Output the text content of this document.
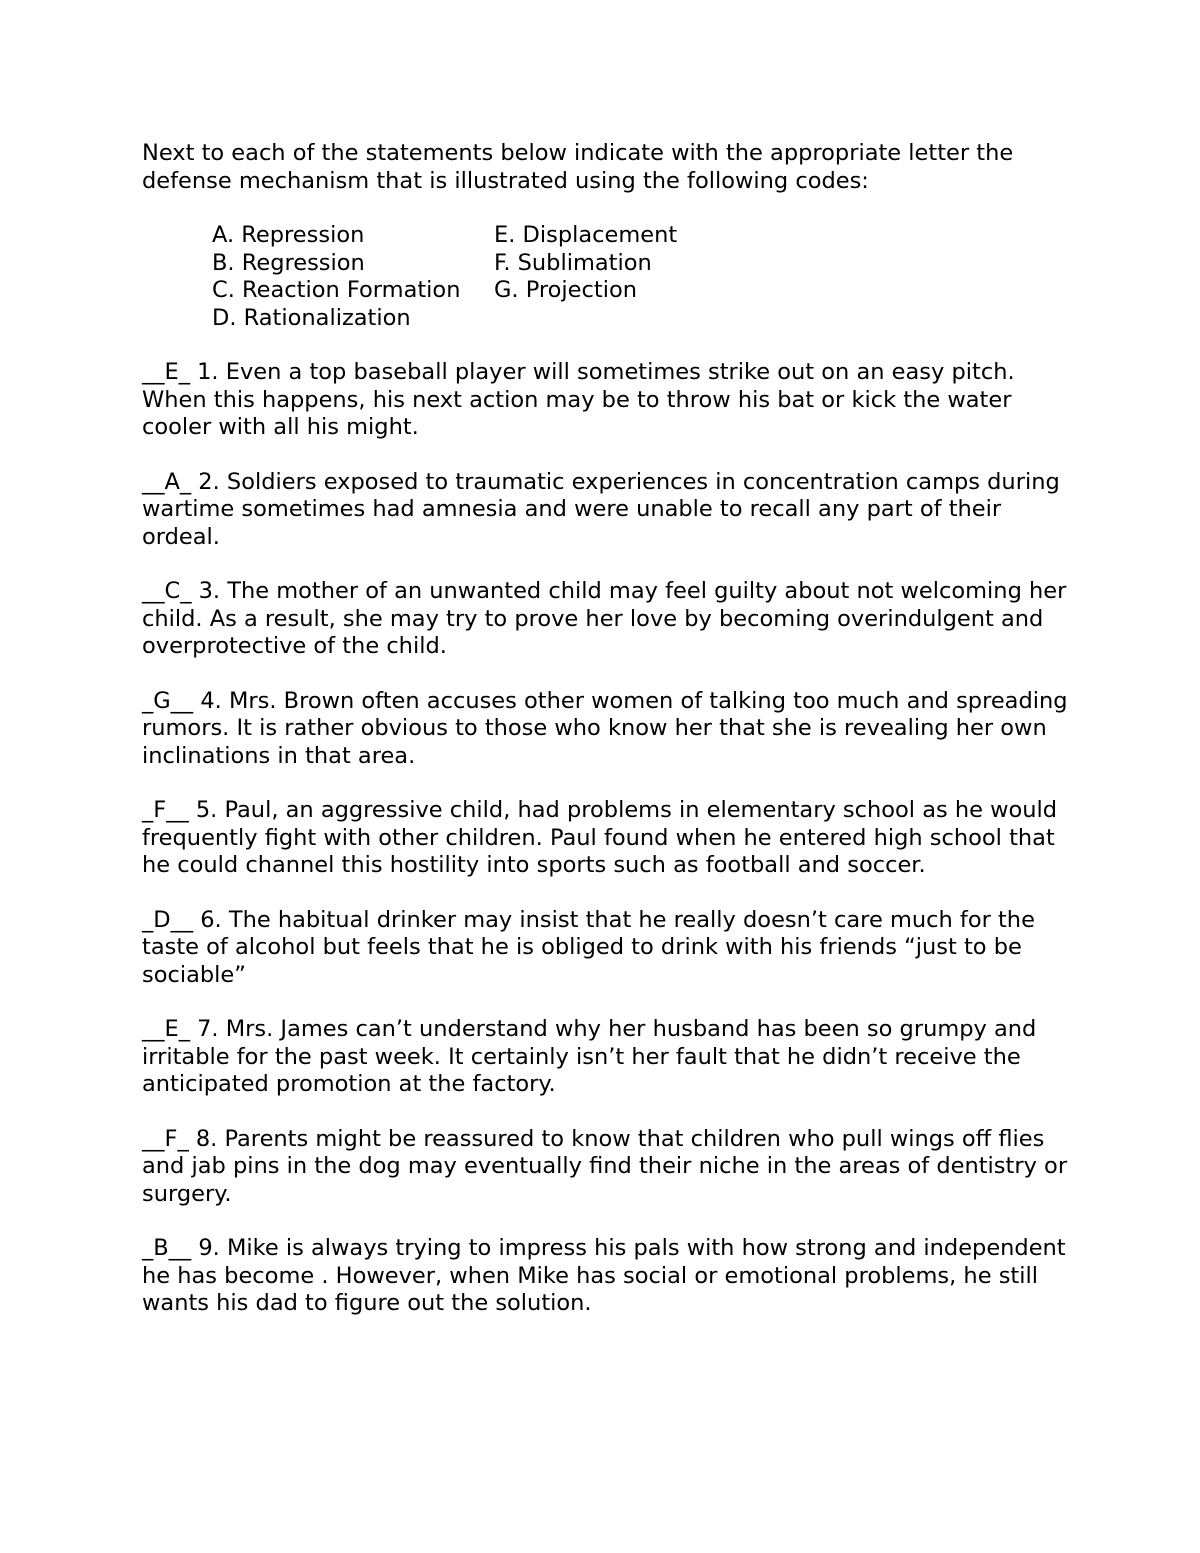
Next to each of the statements below indicate with the appropriate letter the defense mechanism that is illustrated using the following codes:

A. Repression	E. Displacement
B. Regression	F. Sublimation
C. Reaction Formation	G. Projection
D. Rationalization

__E_ 1. Even a top baseball player will sometimes strike out on an easy pitch. When this happens, his next action may be to throw his bat or kick the water cooler with all his might.

__A_ 2. Soldiers exposed to traumatic experiences in concentration camps during wartime sometimes had amnesia and were unable to recall any part of their ordeal.

__C_ 3. The mother of an unwanted child may feel guilty about not welcoming her child. As a result, she may try to prove her love by becoming overindulgent and overprotective of the child.

_G__ 4. Mrs. Brown often accuses other women of talking too much and spreading rumors. It is rather obvious to those who know her that she is revealing her own inclinations in that area.

_F__ 5. Paul, an aggressive child, had problems in elementary school as he would frequently fight with other children. Paul found when he entered high school that he could channel this hostility into sports such as football and soccer.

_D__ 6. The habitual drinker may insist that he really doesn’t care much for the taste of alcohol but feels that he is obliged to drink with his friends “just to be sociable”

__E_ 7. Mrs. James can’t understand why her husband has been so grumpy and irritable for the past week. It certainly isn’t her fault that he didn’t receive the anticipated promotion at the factory.

__F_ 8. Parents might be reassured to know that children who pull wings off flies and jab pins in the dog may eventually find their niche in the areas of dentistry or surgery.

_B__ 9. Mike is always trying to impress his pals with how strong and independent he has become . However, when Mike has social or emotional problems, he still wants his dad to figure out the solution.
